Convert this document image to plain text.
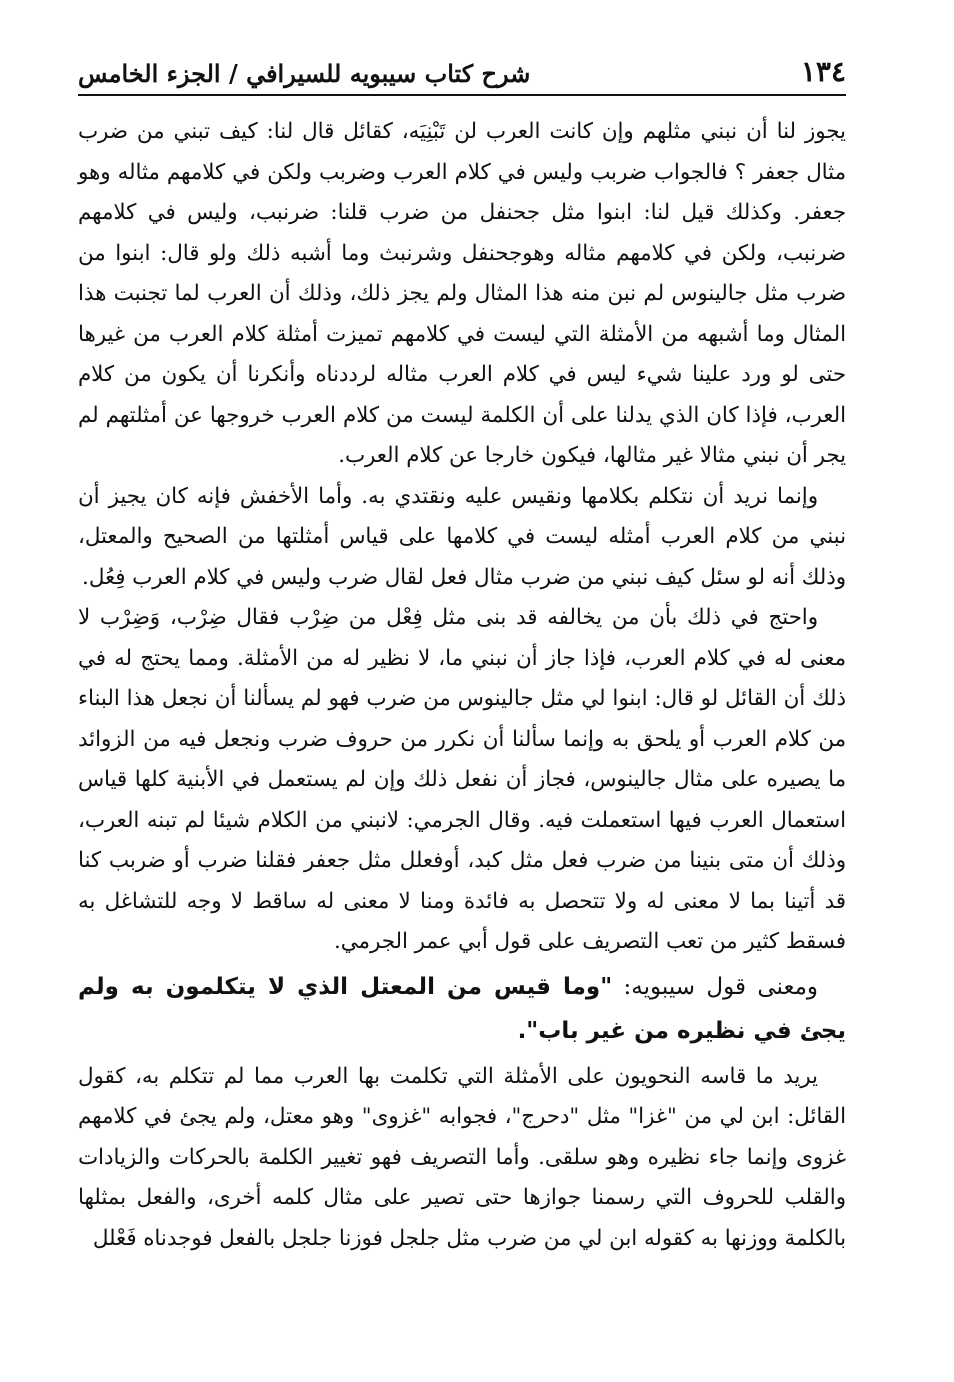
١٣٤
شرح كتاب سيبويه للسيرافي / الجزء الخامس

يجوز لنا أن نبني مثلهم وإن كانت العرب لن تَبْنِيَه، كقائل قال لنا: كيف تبني من ضرب مثال جعفر ؟ فالجواب ضربب وليس في كلام العرب وضربب ولكن في كلامهم مثاله وهو جعفر. وكذلك قيل لنا: ابنوا مثل جحنفل من ضرب قلنا: ضرنبب، وليس في كلامهم ضرنبب، ولكن في كلامهم مثاله وهوجحنفل وشرنبث وما أشبه ذلك ولو قال: ابنوا من ضرب مثل جالينوس لم نبن منه هذا المثال ولم يجز ذلك، وذلك أن العرب لما تجنبت هذا المثال وما أشبهه من الأمثلة التي ليست في كلامهم تميزت أمثلة كلام العرب من غيرها حتى لو ورد علينا شيء ليس في كلام العرب مثاله لرددناه وأنكرنا أن يكون من كلام العرب، فإذا كان الذي يدلنا على أن الكلمة ليست من كلام العرب خروجها عن أمثلتهم لم يجر أن نبني مثالا غير مثالها، فيكون خارجا عن كلام العرب.

وإنما نريد أن نتكلم بكلامها ونقيس عليه ونقتدي به. وأما الأخفش فإنه كان يجيز أن نبني من كلام العرب أمثله ليست في كلامها على قياس أمثلتها من الصحيح والمعتل، وذلك أنه لو سئل كيف نبني من ضرب مثال فعل لقال ضرب وليس في كلام العرب فِعُل.

واحتج في ذلك بأن من يخالفه قد بنى مثل فِعْل من ضِرْب فقال ضِرْب، وَضِرْب لا معنى له في كلام العرب، فإذا جاز أن نبني ما، لا نظير له من الأمثلة. ومما يحتج له في ذلك أن القائل لو قال: ابنوا لي مثل جالينوس من ضرب فهو لم يسألنا أن نجعل هذا البناء من كلام العرب أو يلحق به وإنما سألنا أن نكرر من حروف ضرب ونجعل فيه من الزوائد ما يصيره على مثال جالينوس، فجاز أن نفعل ذلك وإن لم يستعمل في الأبنية كلها قياس استعمال العرب فيها استعملت فيه. وقال الجرمي: لانبني من الكلام شيئا لم تبنه العرب، وذلك أن متى بنينا من ضرب فعل مثل كبد، أوفعلل مثل جعفر فقلنا ضرب أو ضربب كنا قد أتينا بما لا معنى له ولا تتحصل به فائدة ومنا لا معنى له ساقط لا وجه للتشاغل به فسقط كثير من تعب التصريف على قول أبي عمر الجرمي.

ومعنى قول سيبويه: "وما قيس من المعتل الذي لا يتكلمون به ولم يجئ في نظيره من غير باب".

يريد ما قاسه النحويون على الأمثلة التي تكلمت بها العرب مما لم تتكلم به، كقول القائل: ابن لي من "غزا" مثل "دحرج"، فجوابه "غزوى" وهو معتل، ولم يجئ في كلامهم غزوى وإنما جاء نظيره وهو سلقى. وأما التصريف فهو تغيير الكلمة بالحركات والزيادات والقلب للحروف التي رسمنا جوازها حتى تصير على مثال كلمه أخرى، والفعل بمثلها بالكلمة ووزنها به كقوله ابن لي من ضرب مثل جلجل فوزنا جلجل بالفعل فوجدناه فَعْلل
